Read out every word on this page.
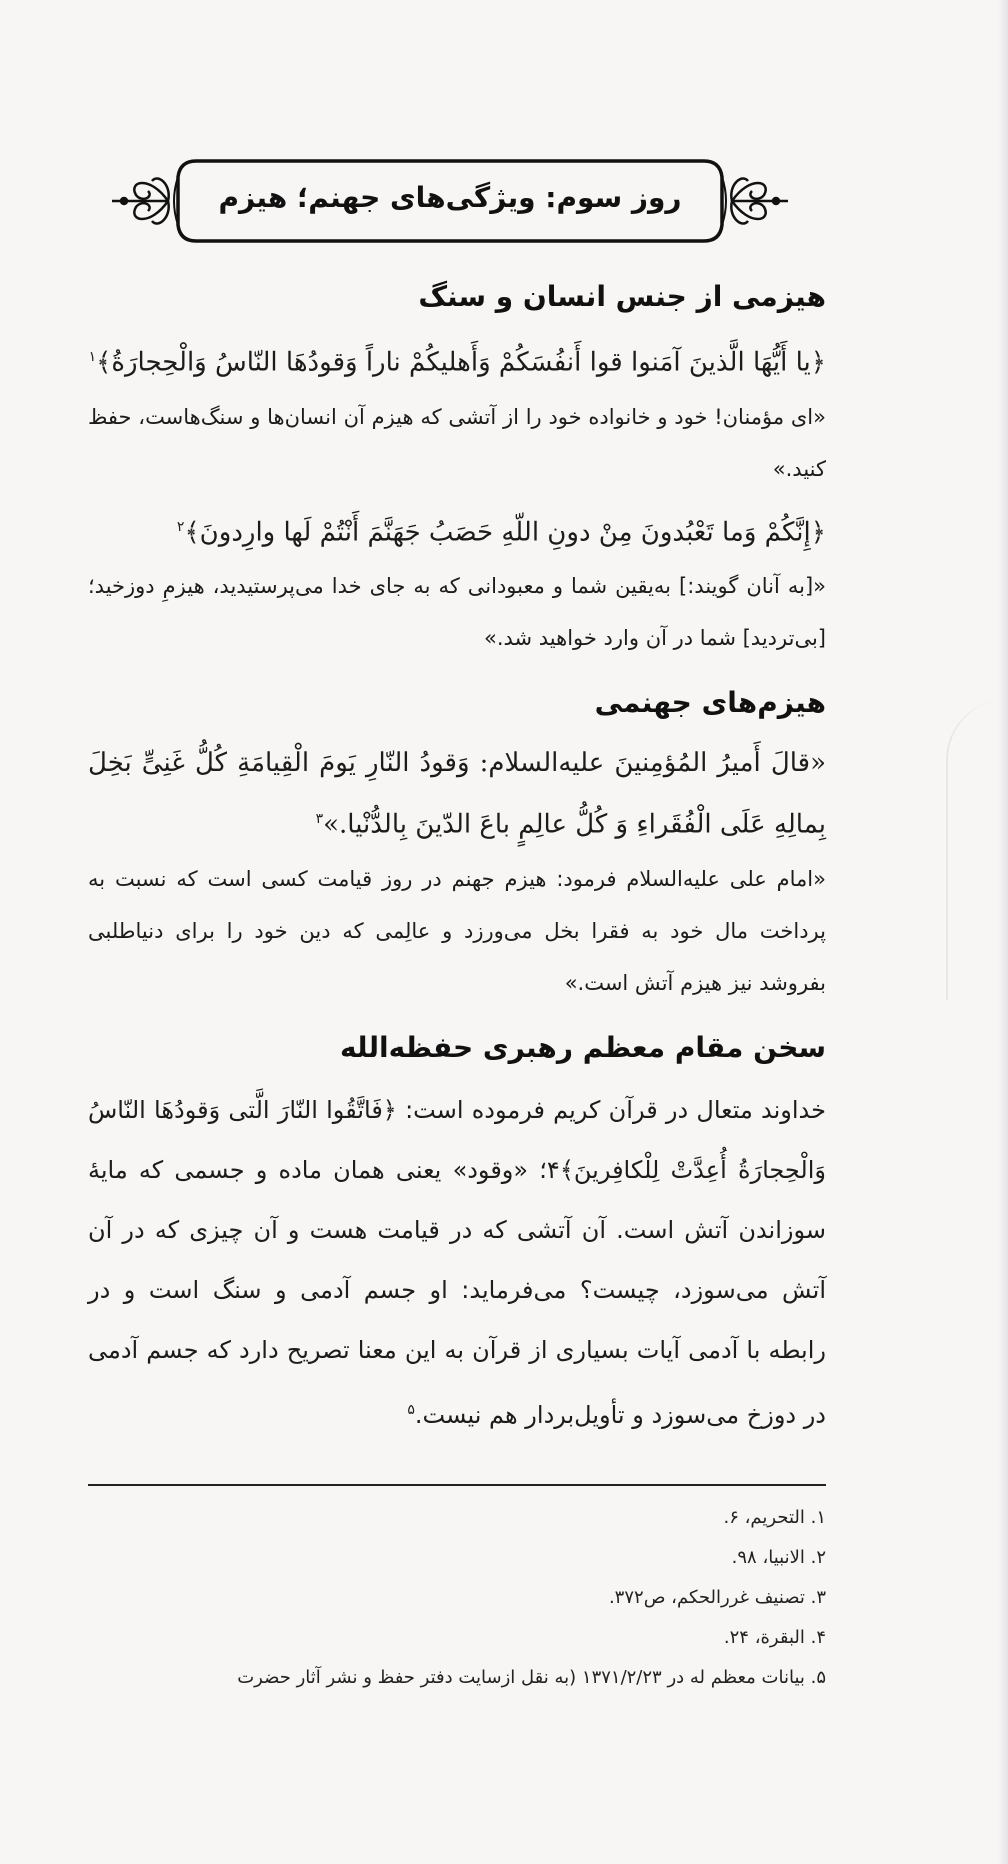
روز سوم: ویژگی‌های جهنم؛ هیزم
هیزمی از جنس انسان و سنگ

﴿یا أَیُّهَا الَّذینَ آمَنوا قوا أَنفُسَکُمْ وَأَهلیکُمْ ناراً وَقودُهَا النّاسُ وَالْحِجارَةُ﴾$^۱$

«ای مؤمنان! خود و خانواده خود را از آتشی که هیزم آن انسان‌ها و سنگ‌هاست، حفظ کنید.»

﴿إِنَّکُمْ وَما تَعْبُدونَ مِنْ دونِ اللّهِ حَصَبُ جَهَنَّمَ أَنْتُمْ لَها وارِدونَ﴾$^۲$

«[به آنان گویند:] به‌یقین شما و معبودانی که به جای خدا می‌پرستیدید، هیزمِ دوزخید؛ [بی‌تردید] شما در آن وارد خواهید شد.»

هیزم‌های جهنمی

«قالَ أَمیرُ المُؤمِنینَ علیه‌السلام: وَقودُ النّارِ یَومَ الْقِیامَةِ کُلُّ غَنِیٍّ بَخِلَ بِمالِهِ عَلَی الْفُقَراءِ وَ کُلُّ عالِمٍ باعَ الدّینَ بِالدُّنْیا.»$^۳$

«امام علی علیه‌السلام فرمود: هیزم جهنم در روز قیامت کسی است که نسبت به پرداخت مال خود به فقرا بخل می‌ورزد و عالِمی که دین خود را برای دنیاطلبی بفروشد نیز هیزم آتش است.»

سخن مقام معظم رهبری حفظه‌الله

خداوند متعال در قرآن کریم فرموده است: ﴿فَاتَّقُوا النّارَ الَّتی وَقودُهَا النّاسُ وَالْحِجارَةُ أُعِدَّتْ لِلْکافِرینَ﴾۴؛ «وقود» یعنی همان ماده و جسمی که مایهٔ سوزاندن آتش است. آن آتشی که در قیامت هست و آن چیزی که در آن آتش می‌سوزد، چیست؟ می‌فرماید: او جسم آدمی و سنگ است و در رابطه با آدمی آیات بسیاری از قرآن به این معنا تصریح دارد که جسم آدمی در دوزخ می‌سوزد و تأویل‌بردار هم نیست.$^۵$

۱. التحریم، ۶.
۲. الانبیا، ۹۸.
۳. تصنیف غررالحکم، ص۳۷۲.
۴. البقرة، ۲۴.
۵. بیانات معظم له در ۱۳۷۱/۲/۲۳ (به نقل ازسایت دفتر حفظ و نشر آثار حضرت
